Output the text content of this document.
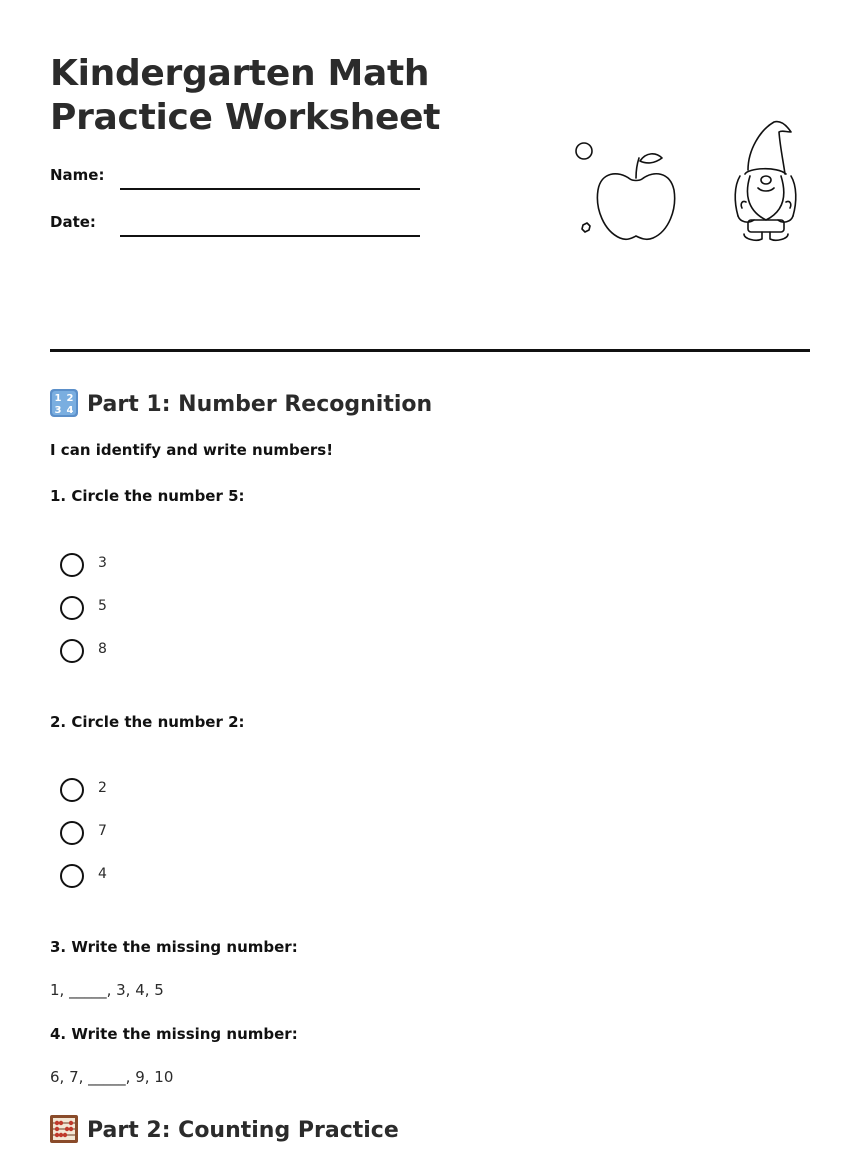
Kindergarten Math
Practice Worksheet
Name:
Date:
1 2
3 4 Part 1: Number Recognition
I can identify and write numbers!
1. Circle the number 5:
3
5
8
2. Circle the number 2:
2
7
4
3. Write the missing number:
1, _____, 3, 4, 5
4. Write the missing number:
6, 7, _____, 9, 10
Part 2: Counting Practice
